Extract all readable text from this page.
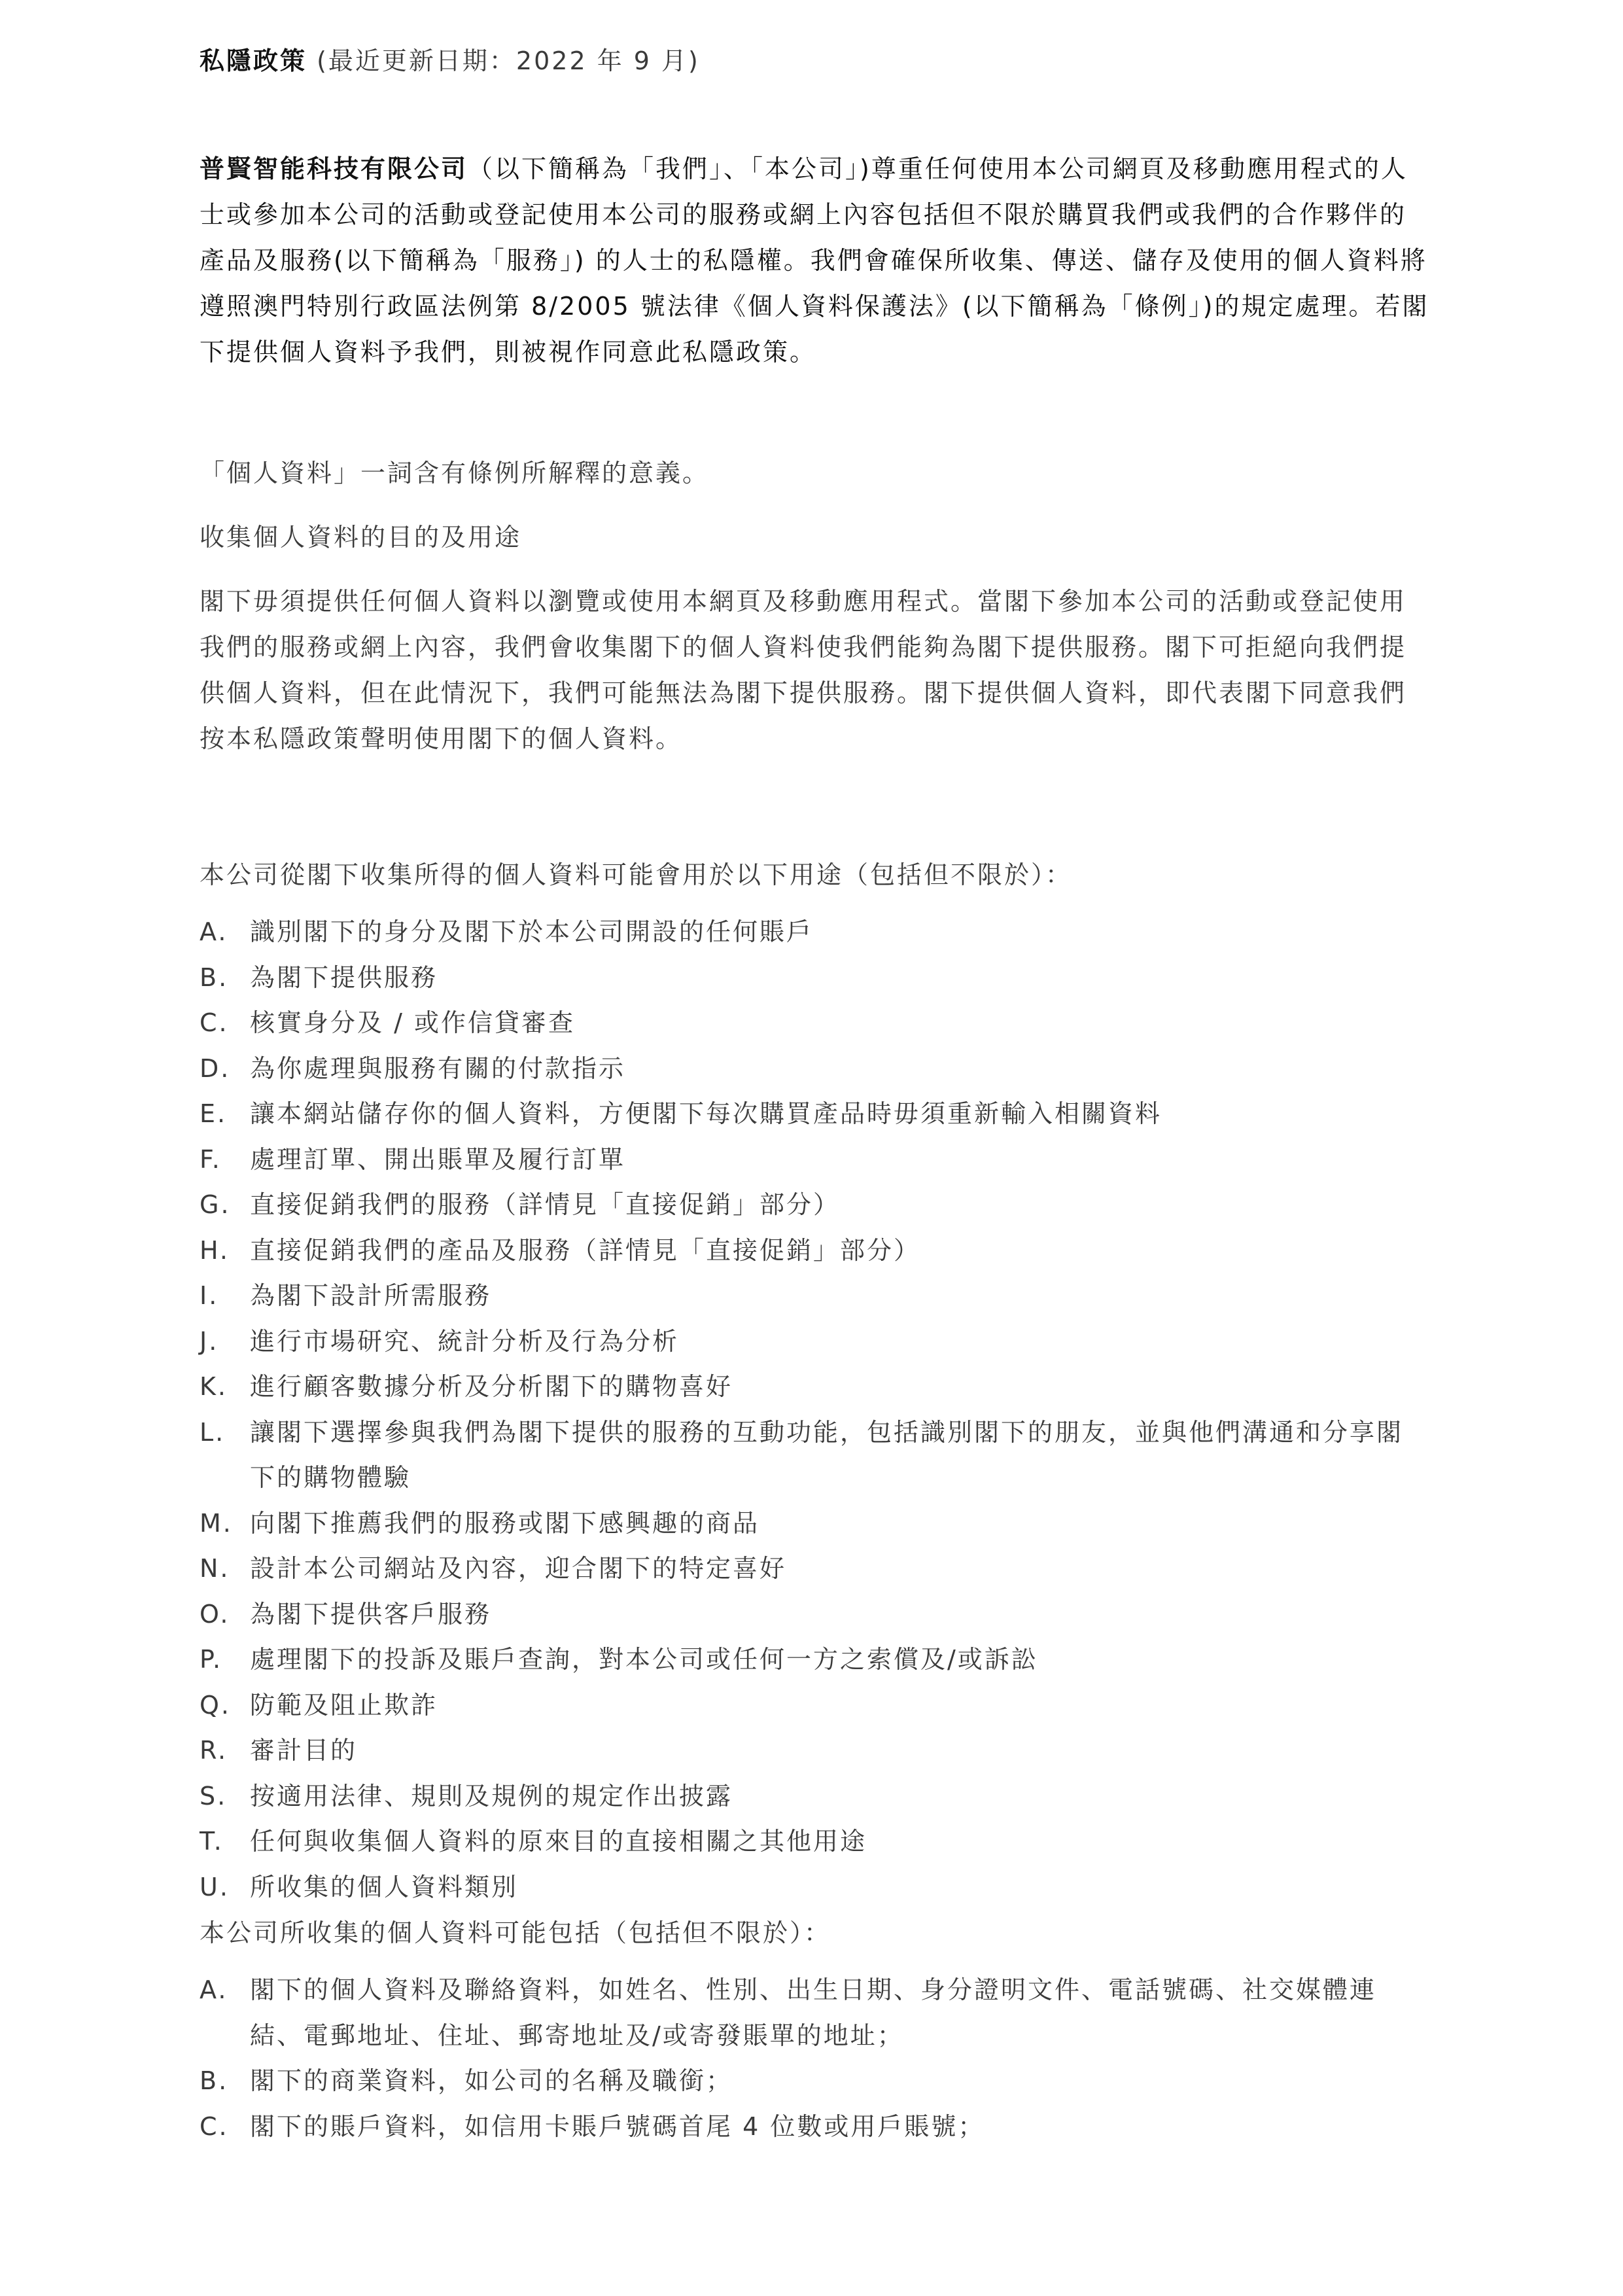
私隱政策 (最近更新日期：2022 年 9 月)

普賢智能科技有限公司（以下簡稱為「我們」、「本公司」)尊重任何使用本公司網頁及移動應用程式的人士或參加本公司的活動或登記使用本公司的服務或網上內容包括但不限於購買我們或我們的合作夥伴的產品及服務(以下簡稱為「服務」) 的人士的私隱權。我們會確保所收集、傳送、儲存及使用的個人資料將遵照澳門特別行政區法例第 8/2005 號法律《個人資料保護法》(以下簡稱為「條例」)的規定處理。若閣下提供個人資料予我們，則被視作同意此私隱政策。

「個人資料」一詞含有條例所解釋的意義。

收集個人資料的目的及用途

閣下毋須提供任何個人資料以瀏覽或使用本網頁及移動應用程式。當閣下參加本公司的活動或登記使用我們的服務或網上內容，我們會收集閣下的個人資料使我們能夠為閣下提供服務。閣下可拒絕向我們提供個人資料，但在此情況下，我們可能無法為閣下提供服務。閣下提供個人資料，即代表閣下同意我們按本私隱政策聲明使用閣下的個人資料。

本公司從閣下收集所得的個人資料可能會用於以下用途（包括但不限於）：

A. 識別閣下的身分及閣下於本公司開設的任何賬戶
B. 為閣下提供服務
C. 核實身分及 / 或作信貸審查
D. 為你處理與服務有關的付款指示
E. 讓本網站儲存你的個人資料，方便閣下每次購買產品時毋須重新輸入相關資料
F.	處理訂單、開出賬單及履行訂單
G. 直接促銷我們的服務（詳情見「直接促銷」部分）
H. 直接促銷我們的產品及服務（詳情見「直接促銷」部分）
I.	為閣下設計所需服務
J.	進行市場研究、統計分析及行為分析
K. 進行顧客數據分析及分析閣下的購物喜好
L. 讓閣下選擇參與我們為閣下提供的服務的互動功能，包括識別閣下的朋友，並與他們溝通和分享閣下的購物體驗
M. 向閣下推薦我們的服務或閣下感興趣的商品
N. 設計本公司網站及內容，迎合閣下的特定喜好
O. 為閣下提供客戶服務
P.	處理閣下的投訴及賬戶查詢，對本公司或任何一方之索償及/或訴訟
Q. 防範及阻止欺詐
R. 審計目的
S. 按適用法律、規則及規例的規定作出披露
T.	任何與收集個人資料的原來目的直接相關之其他用途
U. 所收集的個人資料類別

本公司所收集的個人資料可能包括（包括但不限於）：

A. 閣下的個人資料及聯絡資料，如姓名、性別、出生日期、身分證明文件、電話號碼、社交媒體連結、電郵地址、住址、郵寄地址及/或寄發賬單的地址；
B. 閣下的商業資料，如公司的名稱及職銜；
C. 閣下的賬戶資料，如信用卡賬戶號碼首尾 4 位數或用戶賬號；
